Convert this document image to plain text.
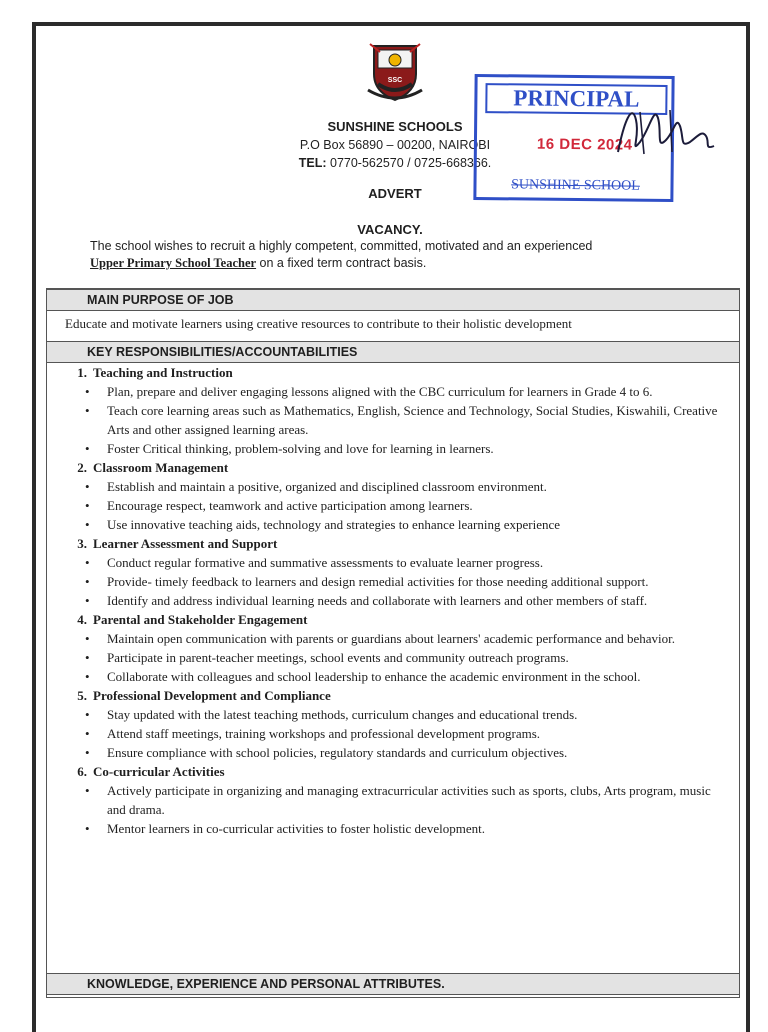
SSC
SUNSHINE SCHOOLS
P.O Box 56890 – 00200, NAIROBI
TEL: 0770-562570 / 0725-668366.
ADVERT
VACANCY.
The school wishes to recruit a highly competent, committed, motivated and an experienced
Upper Primary School Teacher on a fixed term contract basis.
PRINCIPAL
16 DEC 2024
SUNSHINE SCHOOL
MAIN PURPOSE OF JOB
Educate and motivate learners using creative resources to contribute to their holistic development
KEY RESPONSIBILITIES/ACCOUNTABILITIES
1. Teaching and Instruction
• Plan, prepare and deliver engaging lessons aligned with the CBC curriculum for learners in Grade 4 to 6.
• Teach core learning areas such as Mathematics, English, Science and Technology, Social Studies, Kiswahili, Creative Arts and other assigned learning areas.
• Foster Critical thinking, problem-solving and love for learning in learners.
2. Classroom Management
• Establish and maintain a positive, organized and disciplined classroom environment.
• Encourage respect, teamwork and active participation among learners.
• Use innovative teaching aids, technology and strategies to enhance learning experience
3. Learner Assessment and Support
• Conduct regular formative and summative assessments to evaluate learner progress.
• Provide- timely feedback to learners and design remedial activities for those needing additional support.
• Identify and address individual learning needs and collaborate with learners and other members of staff.
4. Parental and Stakeholder Engagement
• Maintain open communication with parents or guardians about learners' academic performance and behavior.
• Participate in parent-teacher meetings, school events and community outreach programs.
• Collaborate with colleagues and school leadership to enhance the academic environment in the school.
5. Professional Development and Compliance
• Stay updated with the latest teaching methods, curriculum changes and educational trends.
• Attend staff meetings, training workshops and professional development programs.
• Ensure compliance with school policies, regulatory standards and curriculum objectives.
6. Co-curricular Activities
• Actively participate in organizing and managing extracurricular activities such as sports, clubs, Arts program, music and drama.
• Mentor learners in co-curricular activities to foster holistic development.
KNOWLEDGE, EXPERIENCE AND PERSONAL ATTRIBUTES.
